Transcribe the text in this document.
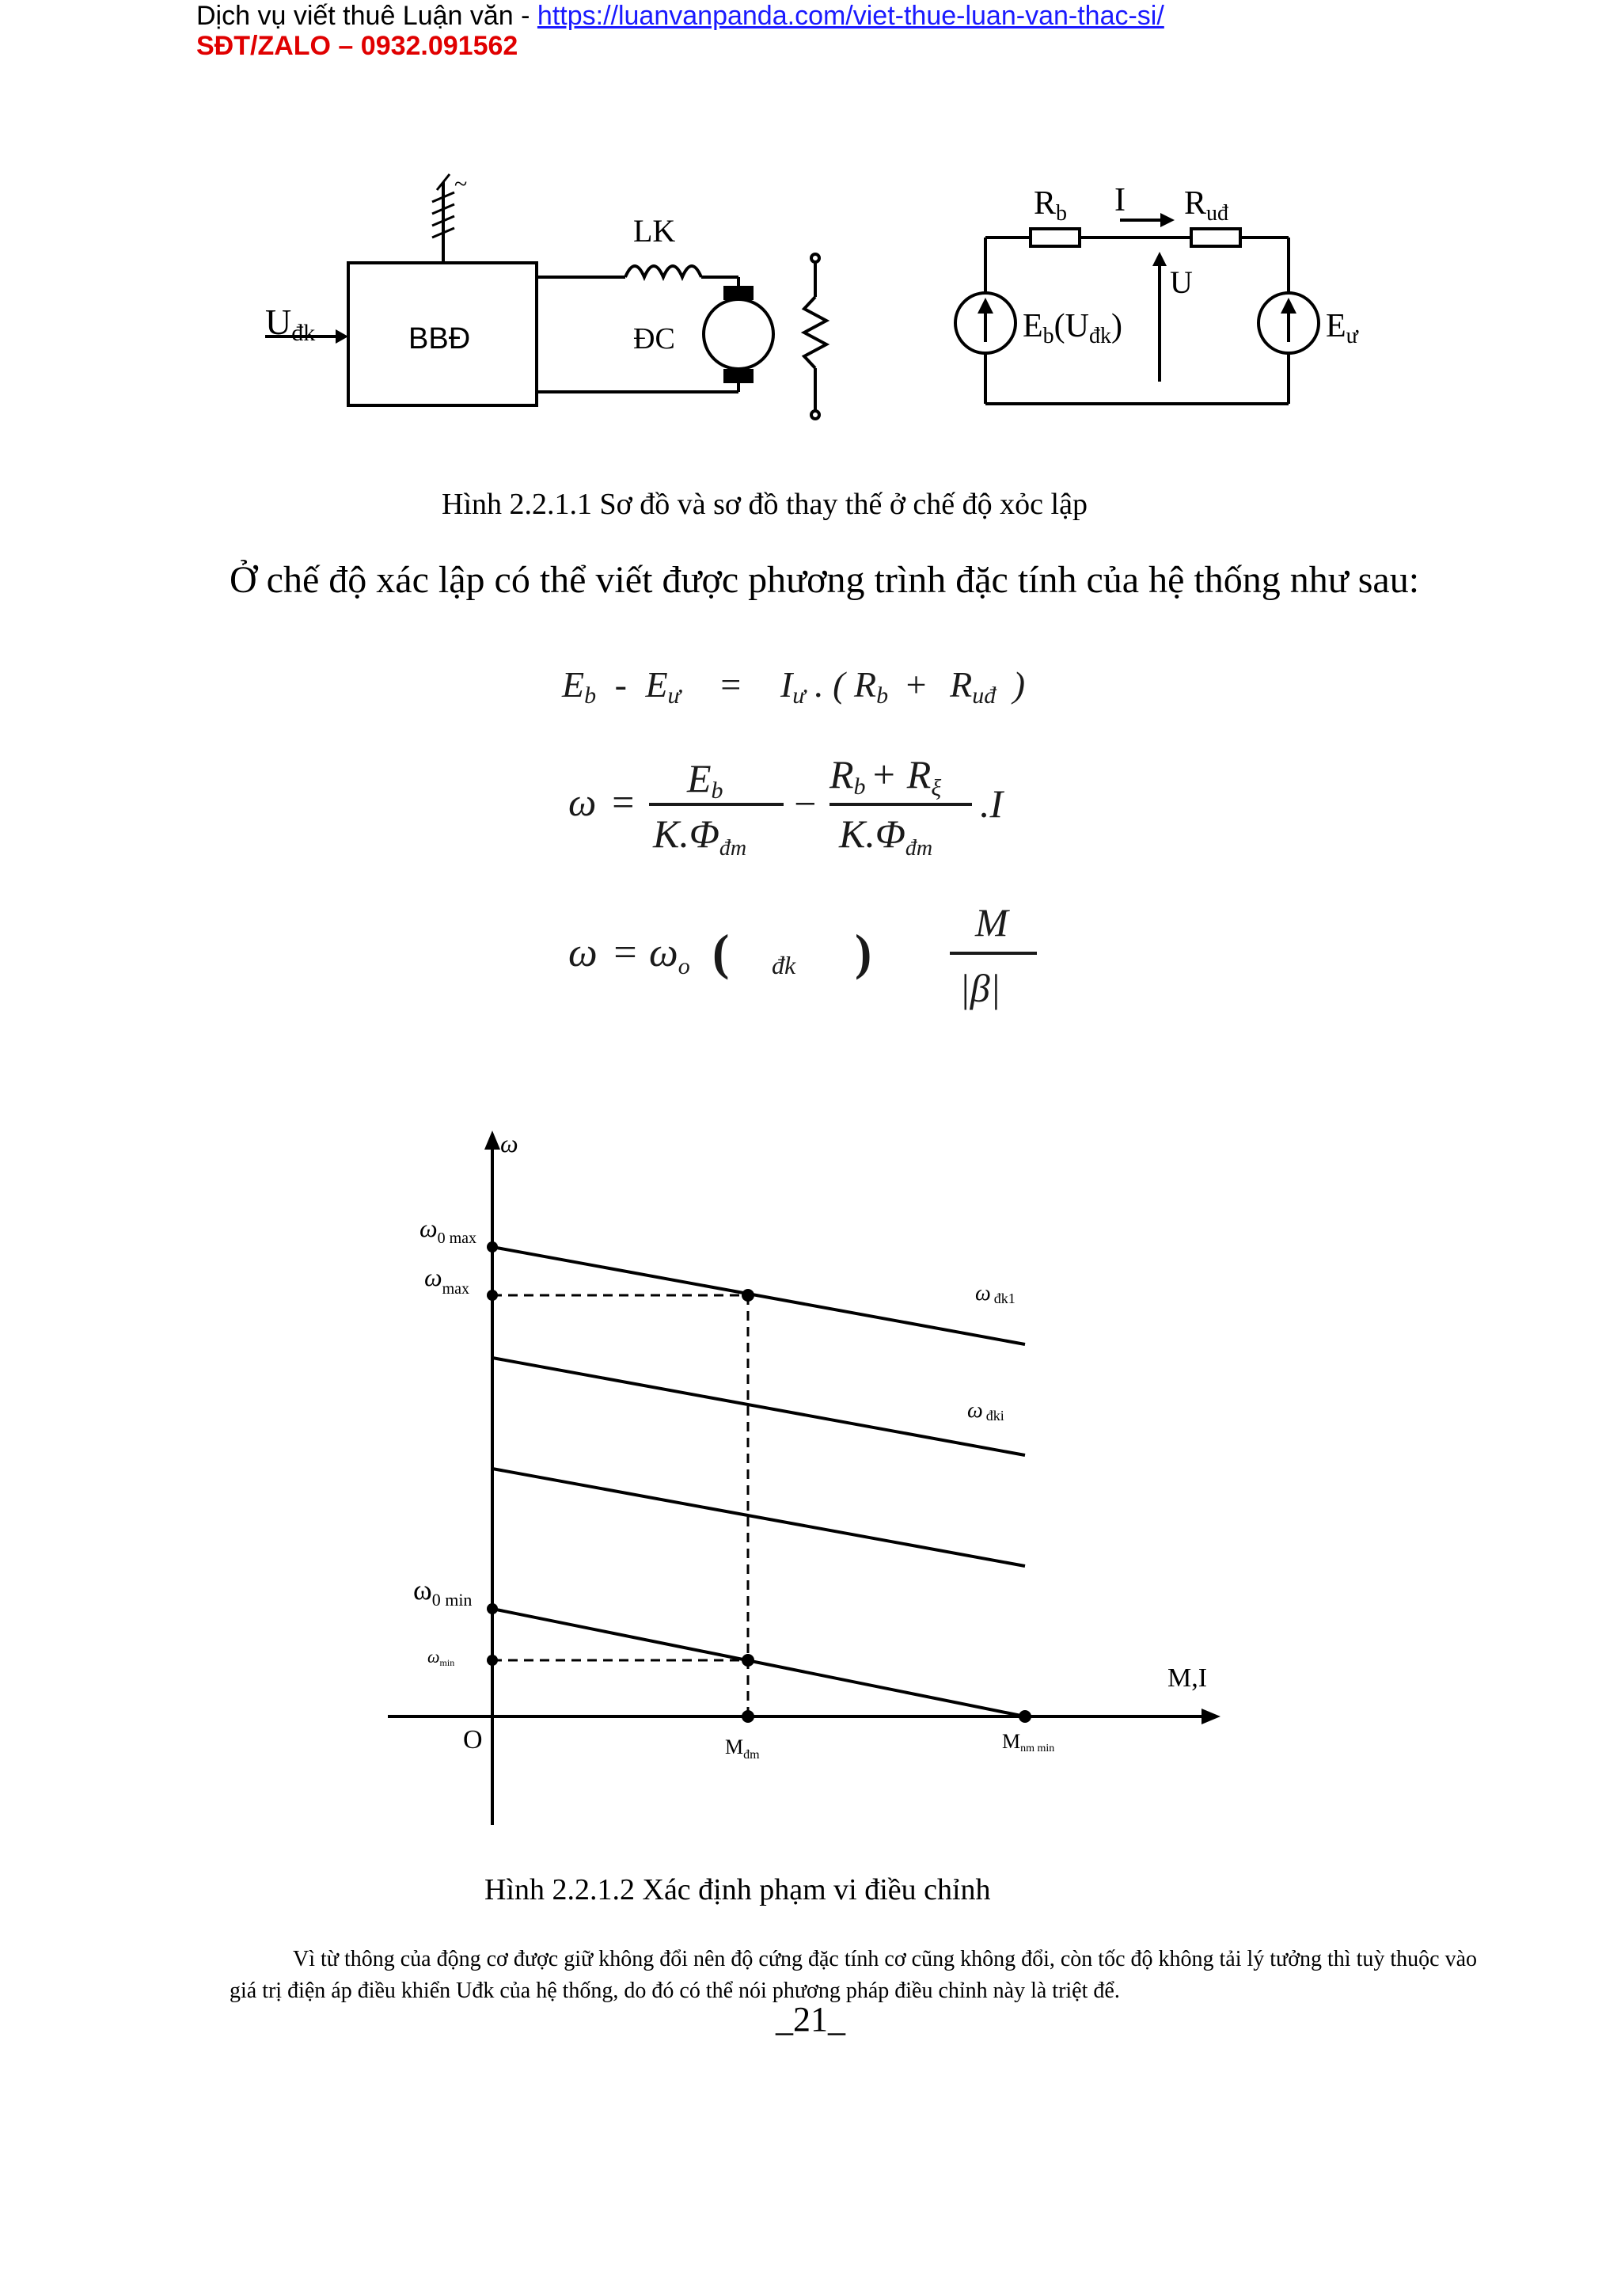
Dịch vụ viết thuê Luận văn - https://luanvanpanda.com/viet-thue-luan-van-thac-si/
SĐT/ZALO – 0932.091562
Uđk	BBĐ
LK
ĐC
~
Rb I Ruđ
U
Eb(Uđk)	Eư
Hình 2.2.1.1 Sơ đồ và sơ đồ thay thế ở chế độ xỏc lập
Ở chế độ xác lập có thể viết được phương trình đặc tính của hệ thống như sau:
Eb - Eư = Iư . ( Rb + Ruđ )
ω =
Eb
$K.\Phi_{đm}$
−
$Rb + R_\xi$
$K.\Phi_{đm}$
.I
ω = ωo ( đk )
M
|β|
ω
M,I
O
$\omega_{0 max}$
$\omega_{max}$
$\omega_{0 min}$
ωmin
ωđk1
ωđki
$M_{đm}$
Mnm min
Hình 2.2.1.2 Xác định phạm vi điều chỉnh
Vì từ thông của động cơ được giữ không đổi nên độ cứng đặc tính cơ cũng không đổi, còn tốc độ không tải lý tưởng thì tuỳ thuộc vào giá trị điện áp điều khiển Uđk của hệ thống, do đó có thể nói phương pháp điều chỉnh này là triệt để.
_21_
